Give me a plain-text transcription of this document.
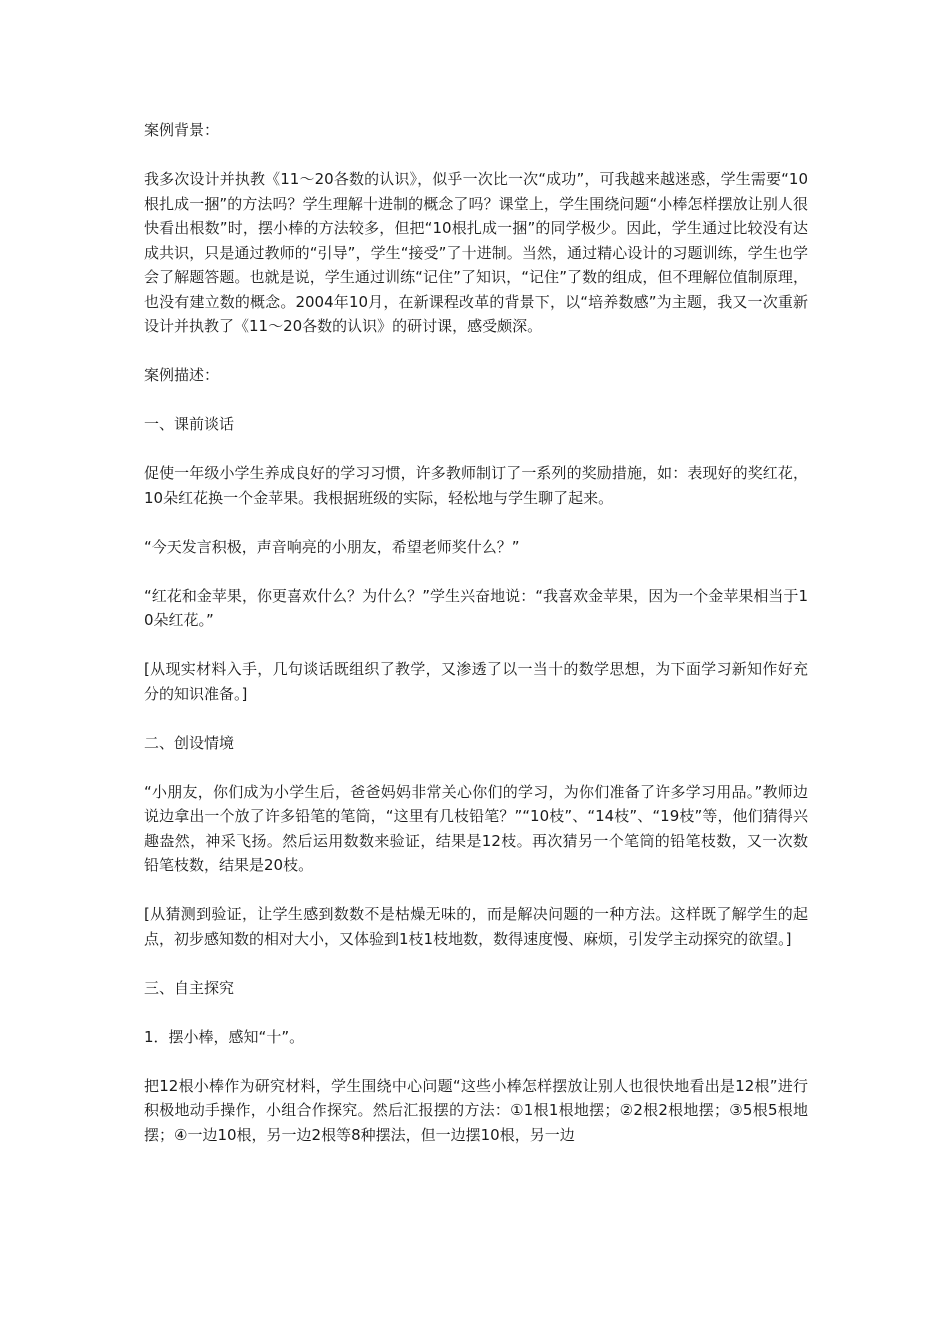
案例背景：

我多次设计并执教《11～20各数的认识》，似乎一次比一次“成功”，可我越来越迷惑，学生需要“10根扎成一捆”的方法吗？学生理解十进制的概念了吗？课堂上，学生围绕问题“小棒怎样摆放让别人很快看出根数”时，摆小棒的方法较多，但把“10根扎成一捆”的同学极少。因此，学生通过比较没有达成共识，只是通过教师的“引导”，学生“接受”了十进制。当然，通过精心设计的习题训练，学生也学会了解题答题。也就是说，学生通过训练“记住”了知识，“记住”了数的组成，但不理解位值制原理，也没有建立数的概念。2004年10月，在新课程改革的背景下，以“培养数感”为主题，我又一次重新设计并执教了《11～20各数的认识》的研讨课，感受颇深。

案例描述：

一、课前谈话

促使一年级小学生养成良好的学习习惯，许多教师制订了一系列的奖励措施，如：表现好的奖红花，10朵红花换一个金苹果。我根据班级的实际，轻松地与学生聊了起来。

“今天发言积极，声音响亮的小朋友，希望老师奖什么？”

“红花和金苹果，你更喜欢什么？为什么？”学生兴奋地说：“我喜欢金苹果，因为一个金苹果相当于10朵红花。”

[从现实材料入手，几句谈话既组织了教学，又渗透了以一当十的数学思想，为下面学习新知作好充分的知识准备。]

二、创设情境

“小朋友，你们成为小学生后，爸爸妈妈非常关心你们的学习，为你们准备了许多学习用品。”教师边说边拿出一个放了许多铅笔的笔筒，“这里有几枝铅笔？”“10枝”、“14枝”、“19枝”等，他们猜得兴趣盎然，神采飞扬。然后运用数数来验证，结果是12枝。再次猜另一个笔筒的铅笔枝数，又一次数铅笔枝数，结果是20枝。

[从猜测到验证，让学生感到数数不是枯燥无味的，而是解决问题的一种方法。这样既了解学生的起点，初步感知数的相对大小，又体验到1枝1枝地数，数得速度慢、麻烦，引发学主动探究的欲望。]

三、自主探究

1．摆小棒，感知“十”。

把12根小棒作为研究材料，学生围绕中心问题“这些小棒怎样摆放让别人也很快地看出是12根”进行积极地动手操作，小组合作探究。然后汇报摆的方法：①1根1根地摆；②2根2根地摆；③5根5根地摆；④一边10根，另一边2根等8种摆法，但一边摆10根，另一边
